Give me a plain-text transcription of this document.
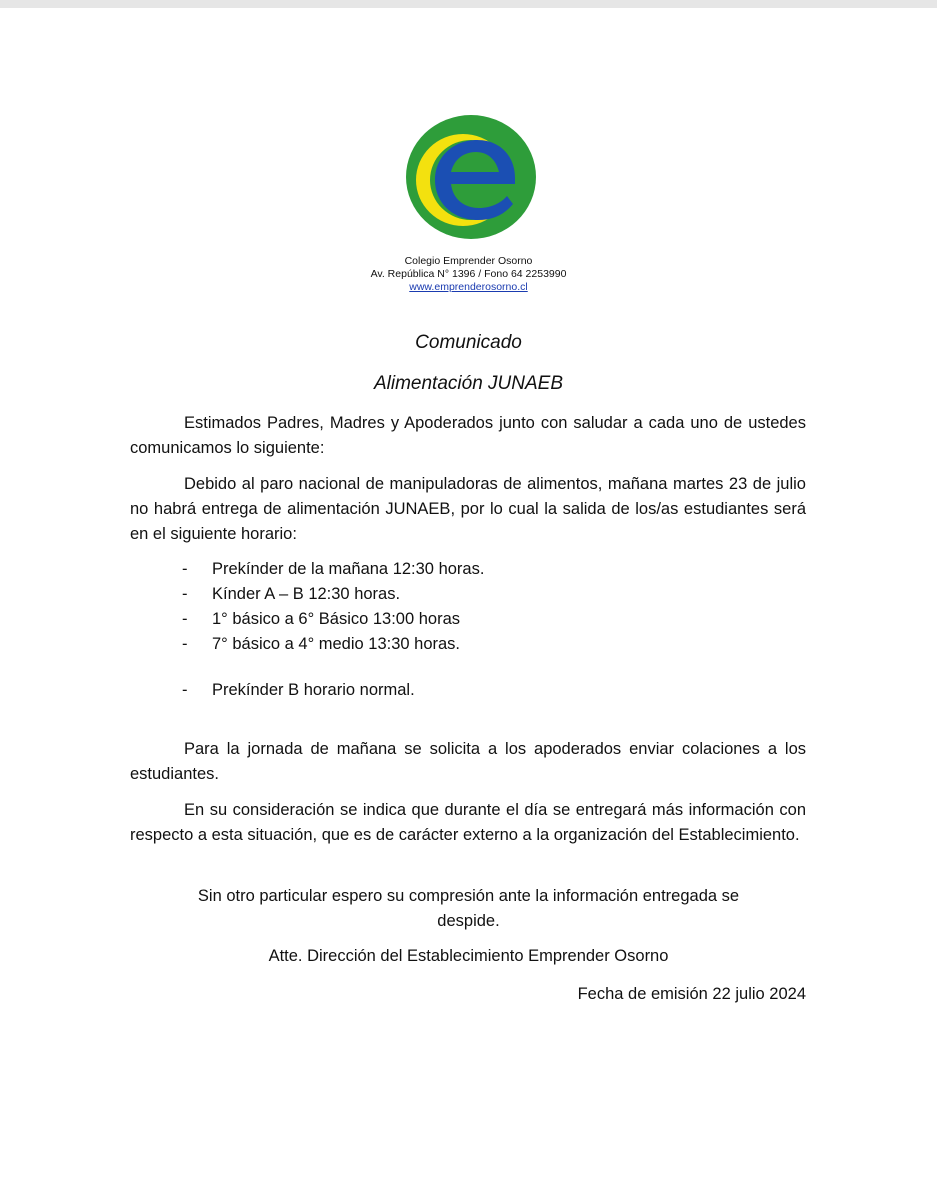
Colegio Emprender Osorno
Av. República N° 1396 / Fono 64 2253990
www.emprenderosorno.cl
Comunicado
Alimentación JUNAEB
Estimados Padres, Madres y Apoderados junto con saludar a cada uno de ustedes comunicamos lo siguiente:
Debido al paro nacional de manipuladoras de alimentos, mañana martes 23 de julio no habrá entrega de alimentación JUNAEB, por lo cual la salida de los/as estudiantes será en el siguiente horario:
- Prekínder de la mañana 12:30 horas.
- Kínder A – B 12:30 horas.
- 1° básico a 6° Básico 13:00 horas
- 7° básico a 4° medio 13:30 horas.
- Prekínder B horario normal.
Para la jornada de mañana se solicita a los apoderados enviar colaciones a los estudiantes.
En su consideración se indica que durante el día se entregará más información con respecto a esta situación, que es de carácter externo a la organización del Establecimiento.
Sin otro particular espero su compresión ante la información entregada se
despide.
Atte. Dirección del Establecimiento Emprender Osorno
Fecha de emisión 22 julio 2024
